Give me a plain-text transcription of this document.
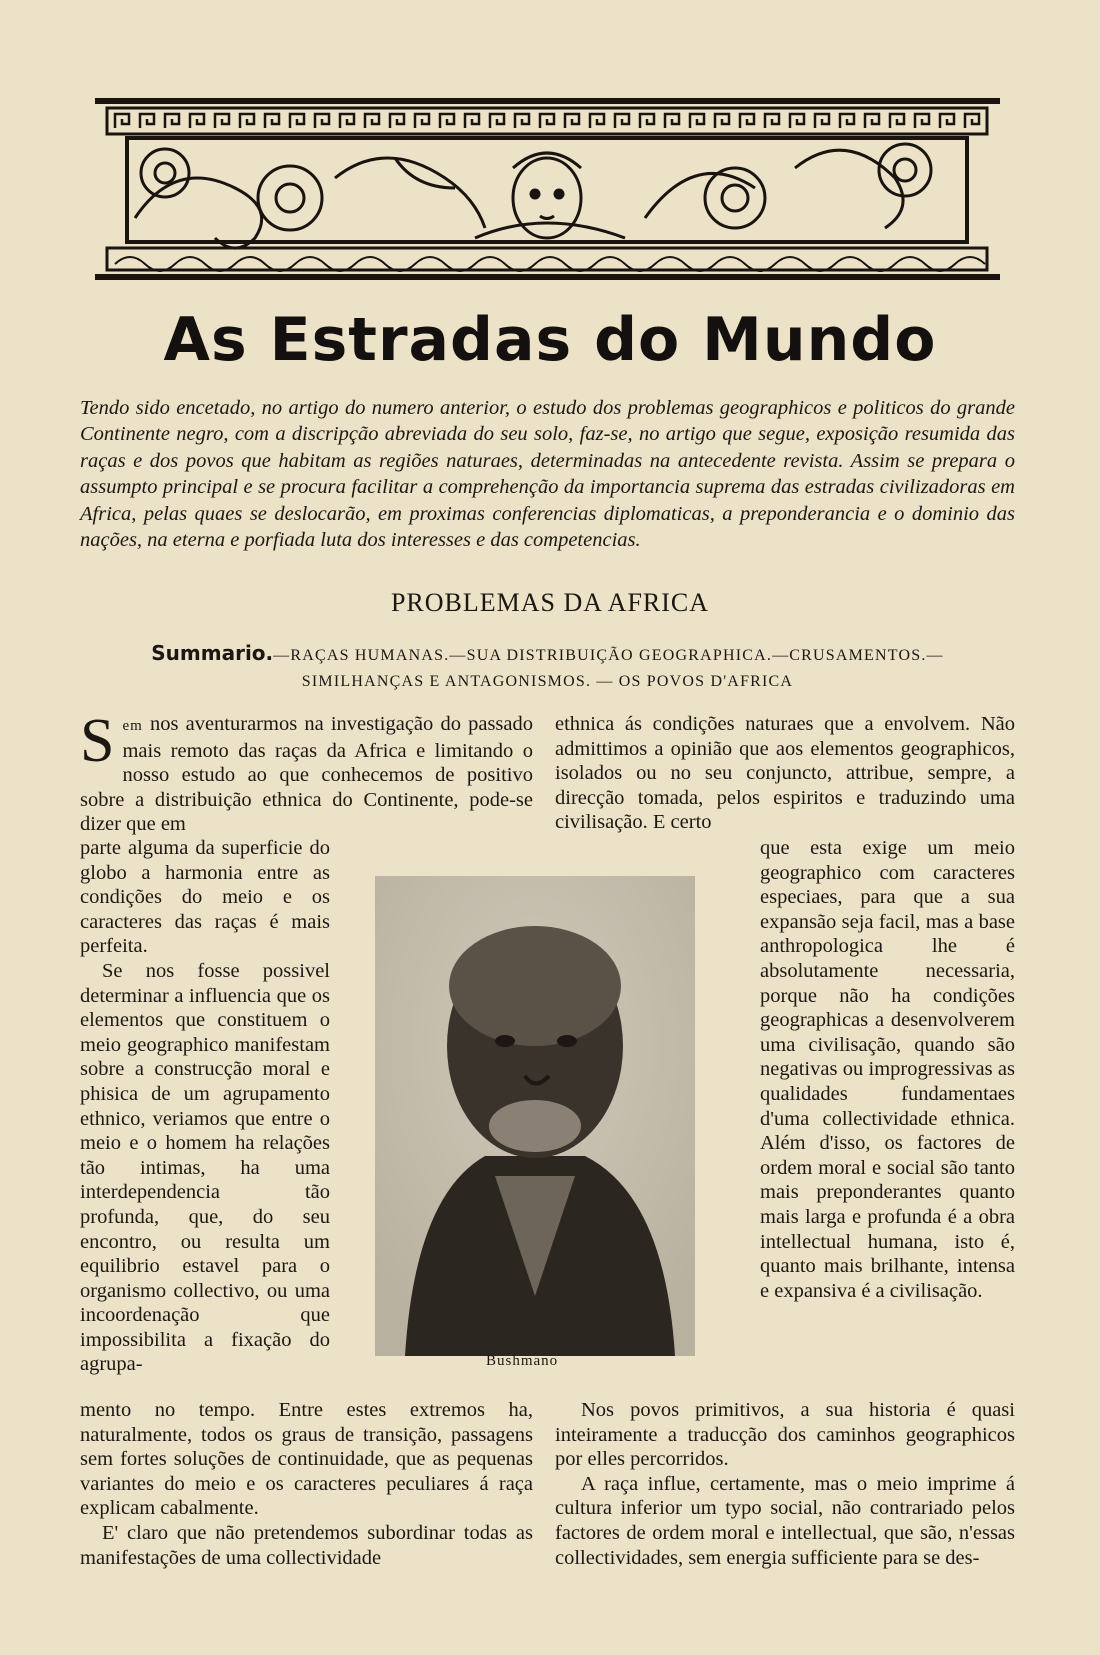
As Estradas do Mundo
Tendo sido encetado, no artigo do numero anterior, o estudo dos problemas geographicos e politicos do grande Continente negro, com a discripção abreviada do seu solo, faz-se, no artigo que segue, exposição resumida das raças e dos povos que habitam as regiões naturaes, determinadas na antecedente revista. Assim se prepara o assumpto principal e se procura facilitar a comprehenção da importancia suprema das estradas civilizadoras em Africa, pelas quaes se deslocarão, em proximas conferencias diplomaticas, a preponderancia e o dominio das nações, na eterna e porfiada luta dos interesses e das competencias.
PROBLEMAS DA AFRICA
Summario.—RAÇAS HUMANAS.—SUA DISTRIBUIÇÃO GEOGRAPHICA.—CRUSAMENTOS.—
SIMILHANÇAS E ANTAGONISMOS. — OS POVOS D'AFRICA

Sem nos aventurarmos na investigação do passado mais remoto das raças da Africa e limitando o nosso estudo ao que conhecemos de positivo sobre a distribuição ethnica do Continente, pode-se dizer que em

parte alguma da superficie do globo a harmonia entre as condições do meio e os caracteres das raças é mais perfeita.

Se nos fosse possivel determinar a influencia que os elementos que constituem o meio geographico manifestam sobre a construcção moral e phisica de um agrupamento ethnico, veriamos que entre o meio e o homem ha relações tão intimas, ha uma interdependencia tão profunda, que, do seu encontro, ou resulta um equilibrio estavel para o organismo collectivo, ou uma incoordenação que impossibilita a fixação do agrupa-

mento no tempo. Entre estes extremos ha, naturalmente, todos os graus de transição, passagens sem fortes soluções de continuidade, que as pequenas variantes do meio e os caracteres peculiares á raça explicam cabalmente.

E' claro que não pretendemos subordinar todas as manifestações de uma collectividade

Bushmano

ethnica ás condições naturaes que a envolvem. Não admittimos a opinião que aos elementos geographicos, isolados ou no seu conjuncto, attribue, sempre, a direcção tomada, pelos espiritos e traduzindo uma civilisação. E certo

que esta exige um meio geographico com caracteres especiaes, para que a sua expansão seja facil, mas a base anthropologica lhe é absolutamente necessaria, porque não ha condições geographicas a desenvolverem uma civilisação, quando são negativas ou improgressivas as qualidades fundamentaes d'uma collectividade ethnica. Além d'isso, os factores de ordem moral e social são tanto mais preponderantes quanto mais larga e profunda é a obra intellectual humana, isto é, quanto mais brilhante, intensa e expansiva é a civilisação.

Nos povos primitivos, a sua historia é quasi inteiramente a traducção dos caminhos geographicos por elles percorridos.

A raça influe, certamente, mas o meio imprime á cultura inferior um typo social, não contrariado pelos factores de ordem moral e intellectual, que são, n'essas collectividades, sem energia sufficiente para se des-
